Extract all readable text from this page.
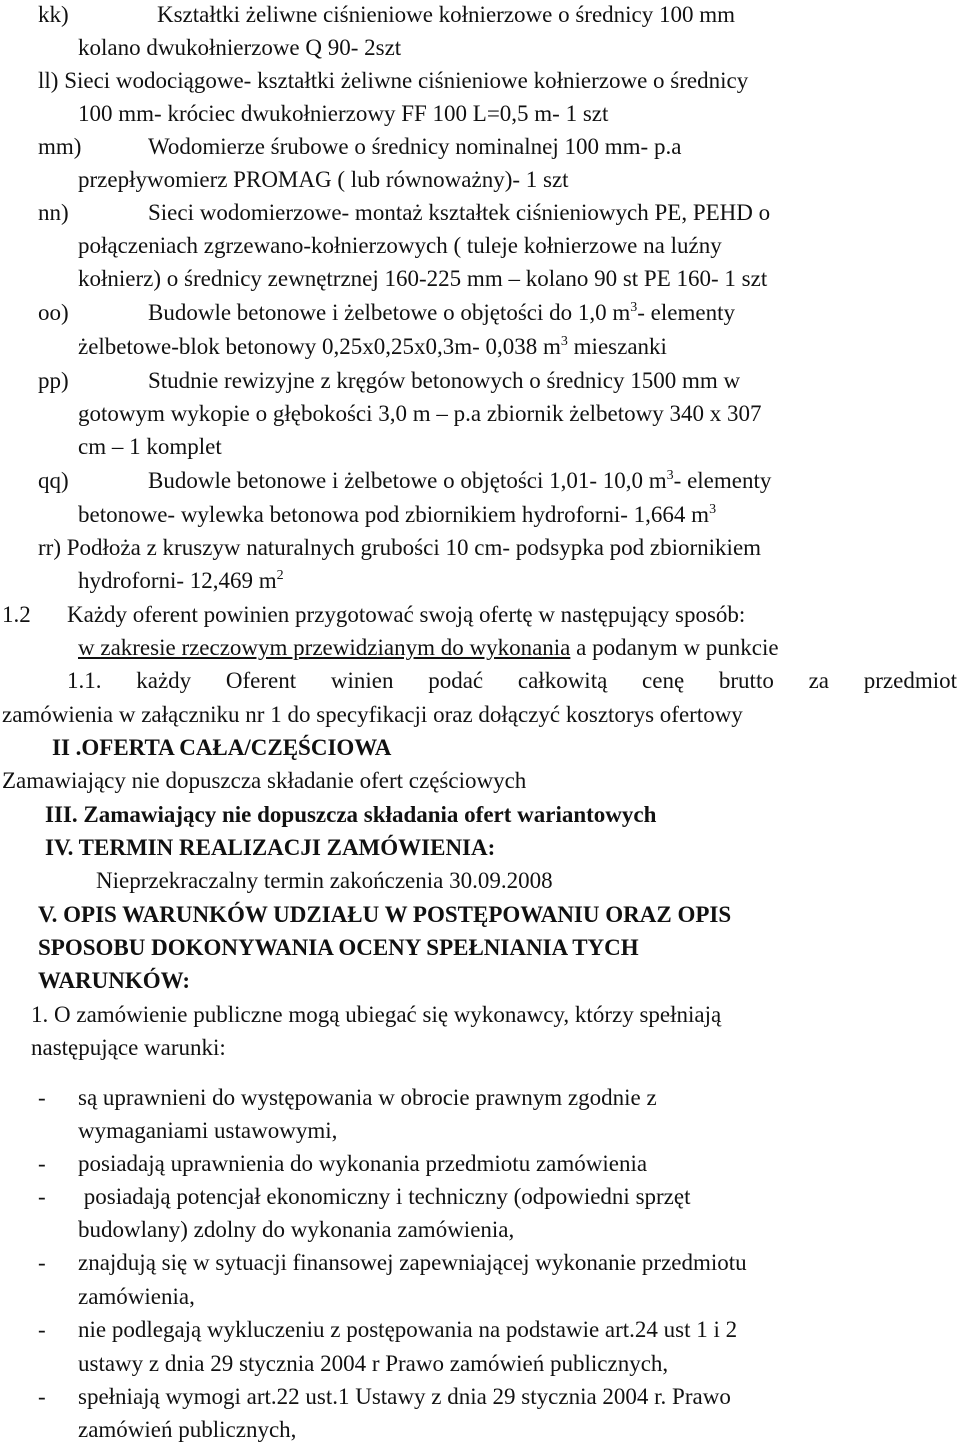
kk)	Kształtki żeliwne ciśnieniowe kołnierzowe o średnicy 100 mm
kolano dwukołnierzowe Q 90- 2szt
ll) Sieci wodociągowe- kształtki żeliwne ciśnieniowe kołnierzowe o średnicy
100 mm- króciec dwukołnierzowy FF 100 L=0,5 m- 1 szt
mm)	Wodomierze śrubowe o średnicy nominalnej 100 mm- p.a
przepływomierz PROMAG ( lub równoważny)- 1 szt
nn)	Sieci wodomierzowe- montaż kształtek ciśnieniowych PE, PEHD o
połączeniach zgrzewano-kołnierzowych ( tuleje kołnierzowe na luźny
kołnierz) o średnicy zewnętrznej 160-225 mm – kolano 90 st PE 160- 1 szt
oo)	Budowle betonowe i żelbetowe o objętości do 1,0 $m^3-$ elementy
żelbetowe-blok betonowy 0,25x0,25x0,3m- 0,038 $m^3$ mieszanki
pp)	Studnie rewizyjne z kręgów betonowych o średnicy 1500 mm w
gotowym wykopie o głębokości 3,0 m – p.a zbiornik żelbetowy 340 x 307
cm – 1 komplet
qq)	Budowle betonowe i żelbetowe o objętości 1,01- 10,0 $m^3-$ elementy
betonowe- wylewka betonowa pod zbiornikiem hydroforni- 1,664 $m^3$
rr) Podłoża z kruszyw naturalnych grubości 10 cm- podsypka pod zbiornikiem
hydroforni- 12,469 $m^2$
1.2 Każdy oferent powinien przygotować swoją ofertę w następujący sposób:
w zakresie rzeczowym przewidzianym do wykonania a podanym w punkcie
1.1. każdy Oferent winien podać całkowitą cenę brutto za przedmiot
zamówienia w załączniku nr 1 do specyfikacji oraz dołączyć kosztorys ofertowy
II .OFERTA CAŁA/CZĘŚCIOWA
Zamawiający nie dopuszcza składanie ofert częściowych
III. Zamawiający nie dopuszcza składania ofert wariantowych
IV. TERMIN REALIZACJI ZAMÓWIENIA:
Nieprzekraczalny termin zakończenia 30.09.2008
V. OPIS WARUNKÓW UDZIAŁU W POSTĘPOWANIU ORAZ OPIS
SPOSOBU DOKONYWANIA OCENY SPEŁNIANIA TYCH
WARUNKÓW:
1. O zamówienie publiczne mogą ubiegać się wykonawcy, którzy spełniają
następujące warunki:
- są uprawnieni do występowania w obrocie prawnym zgodnie z
wymaganiami ustawowymi,
- posiadają uprawnienia do wykonania przedmiotu zamówienia
- posiadają potencjał ekonomiczny i techniczny (odpowiedni sprzęt
budowlany) zdolny do wykonania zamówienia,
- znajdują się w sytuacji finansowej zapewniającej wykonanie przedmiotu
zamówienia,
- nie podlegają wykluczeniu z postępowania na podstawie art.24 ust 1 i 2
ustawy z dnia 29 stycznia 2004 r Prawo zamówień publicznych,
- spełniają wymogi art.22 ust.1 Ustawy z dnia 29 stycznia 2004 r. Prawo
zamówień publicznych,
